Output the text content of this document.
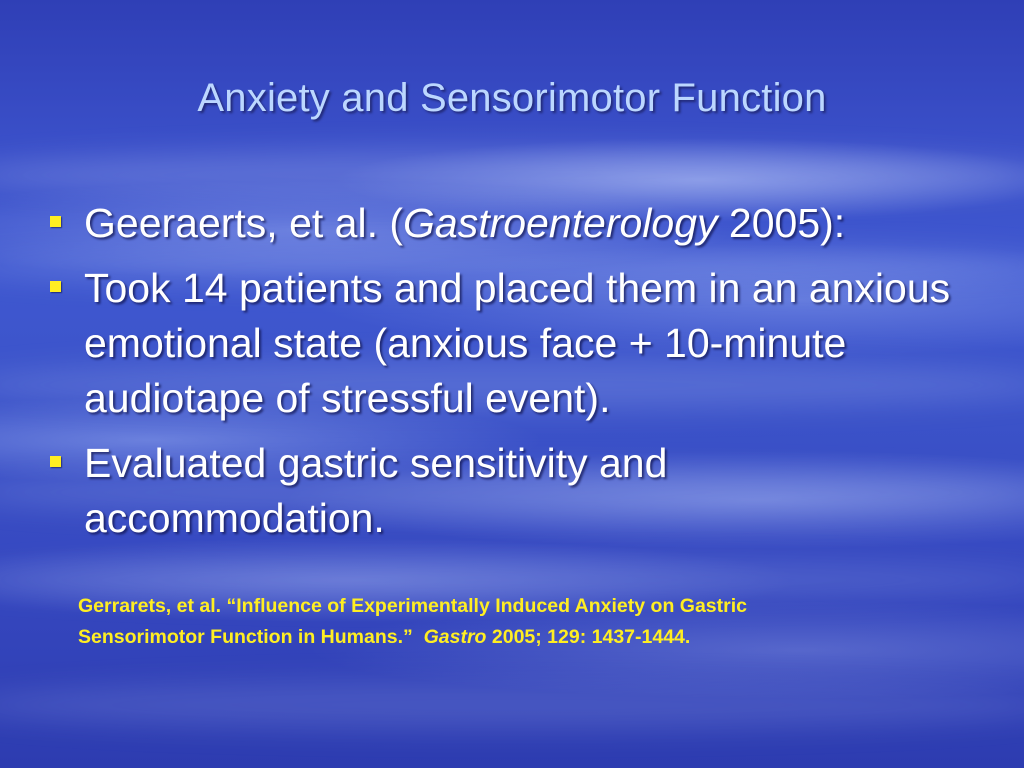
Anxiety and Sensorimotor Function
Geeraerts, et al. (Gastroenterology 2005):
Took 14 patients and placed them in an anxious emotional state (anxious face + 10-minute audiotape of stressful event).
Evaluated gastric sensitivity and accommodation.
Gerrarets, et al. “Influence of Experimentally Induced Anxiety on Gastric
Sensorimotor Function in Humans.”  Gastro 2005; 129: 1437-1444.
